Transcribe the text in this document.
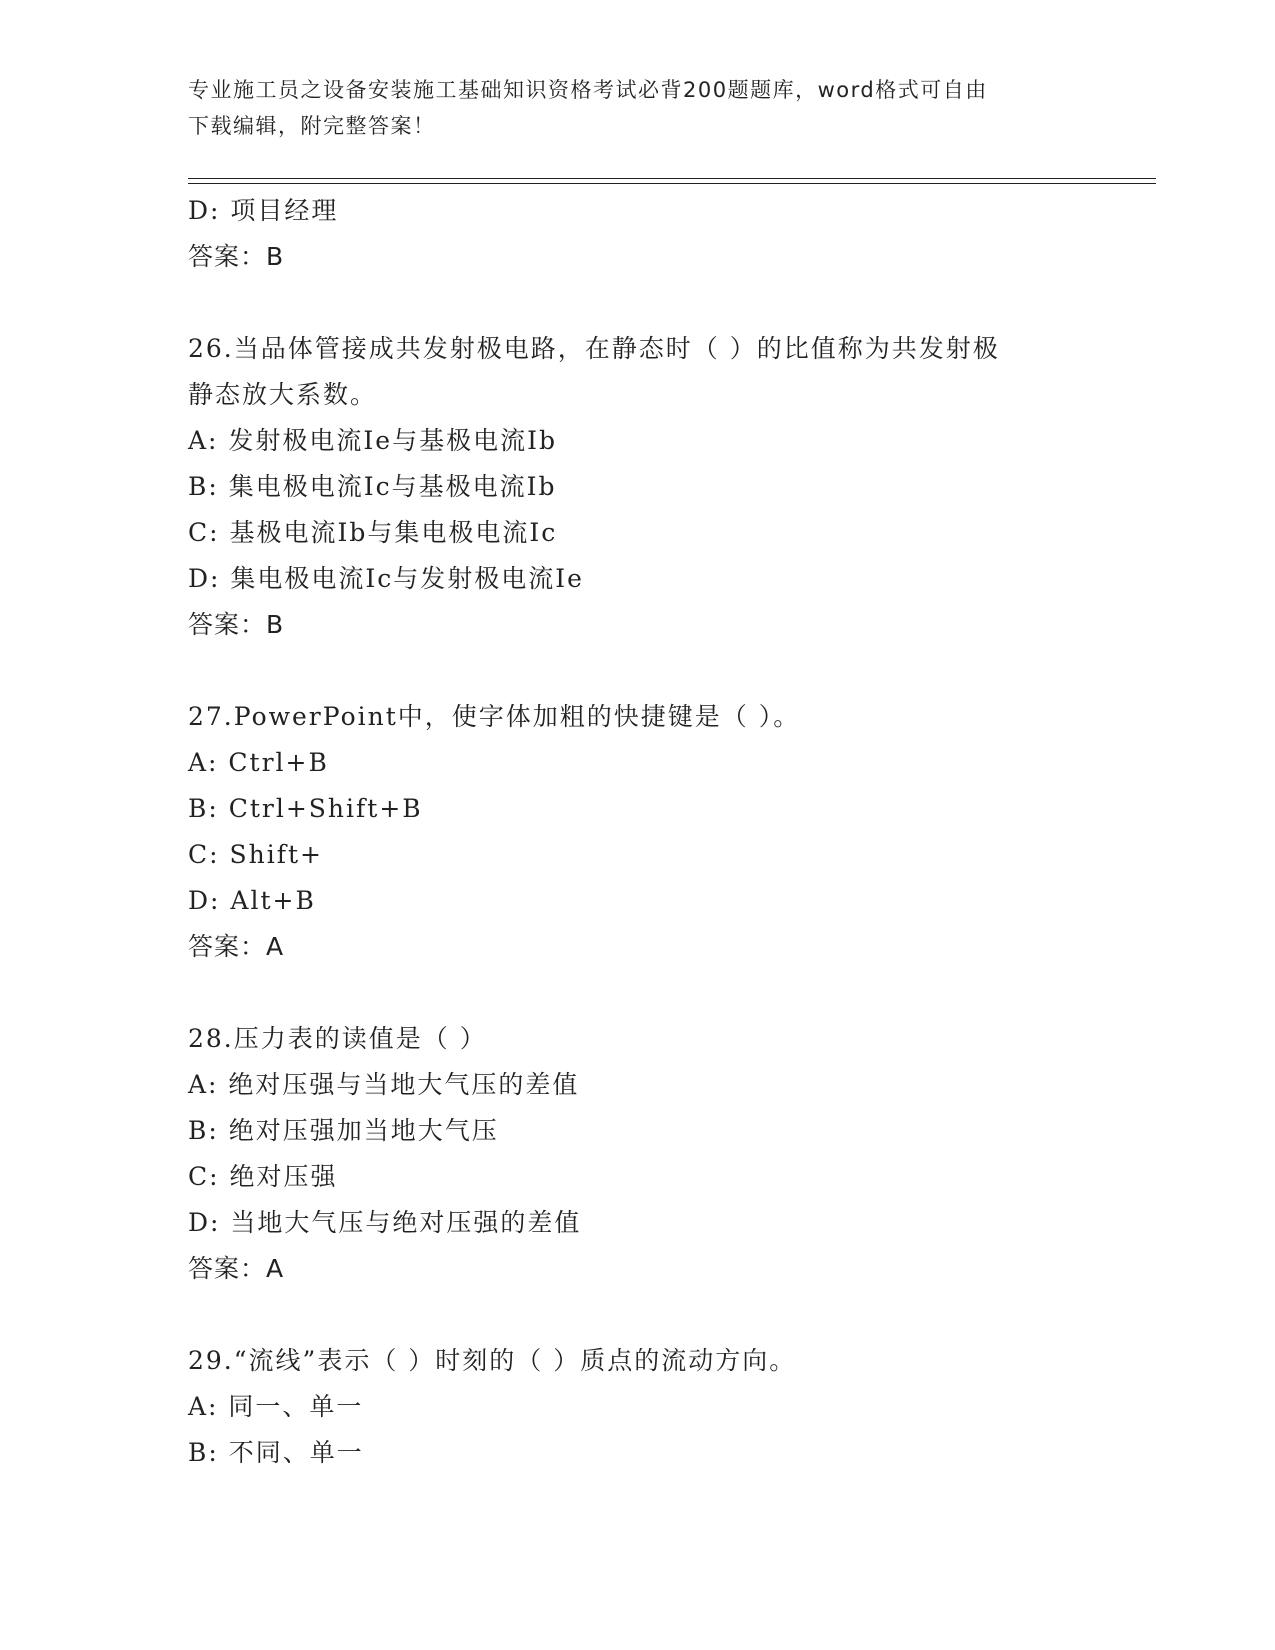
专业施工员之设备安装施工基础知识资格考试必背200题题库，word格式可自由
下载编辑，附完整答案！
D: 项目经理
答案：B
26.当品体管接成共发射极电路，在静态时（ ）的比值称为共发射极
静态放大系数。
A: 发射极电流Ie与基极电流Ib
B: 集电极电流Ic与基极电流Ib
C: 基极电流Ib与集电极电流Ic
D: 集电极电流Ic与发射极电流Ie
答案：B
27.PowerPoint中，使字体加粗的快捷键是（ ）。
A: Ctrl+B
B: Ctrl+Shift+B
C: Shift+
D: Alt+B
答案：A
28.压力表的读值是（ ）
A: 绝对压强与当地大气压的差值
B: 绝对压强加当地大气压
C: 绝对压强
D: 当地大气压与绝对压强的差值
答案：A
29.“流线”表示（ ）时刻的（ ）质点的流动方向。
A: 同一、单一
B: 不同、单一
